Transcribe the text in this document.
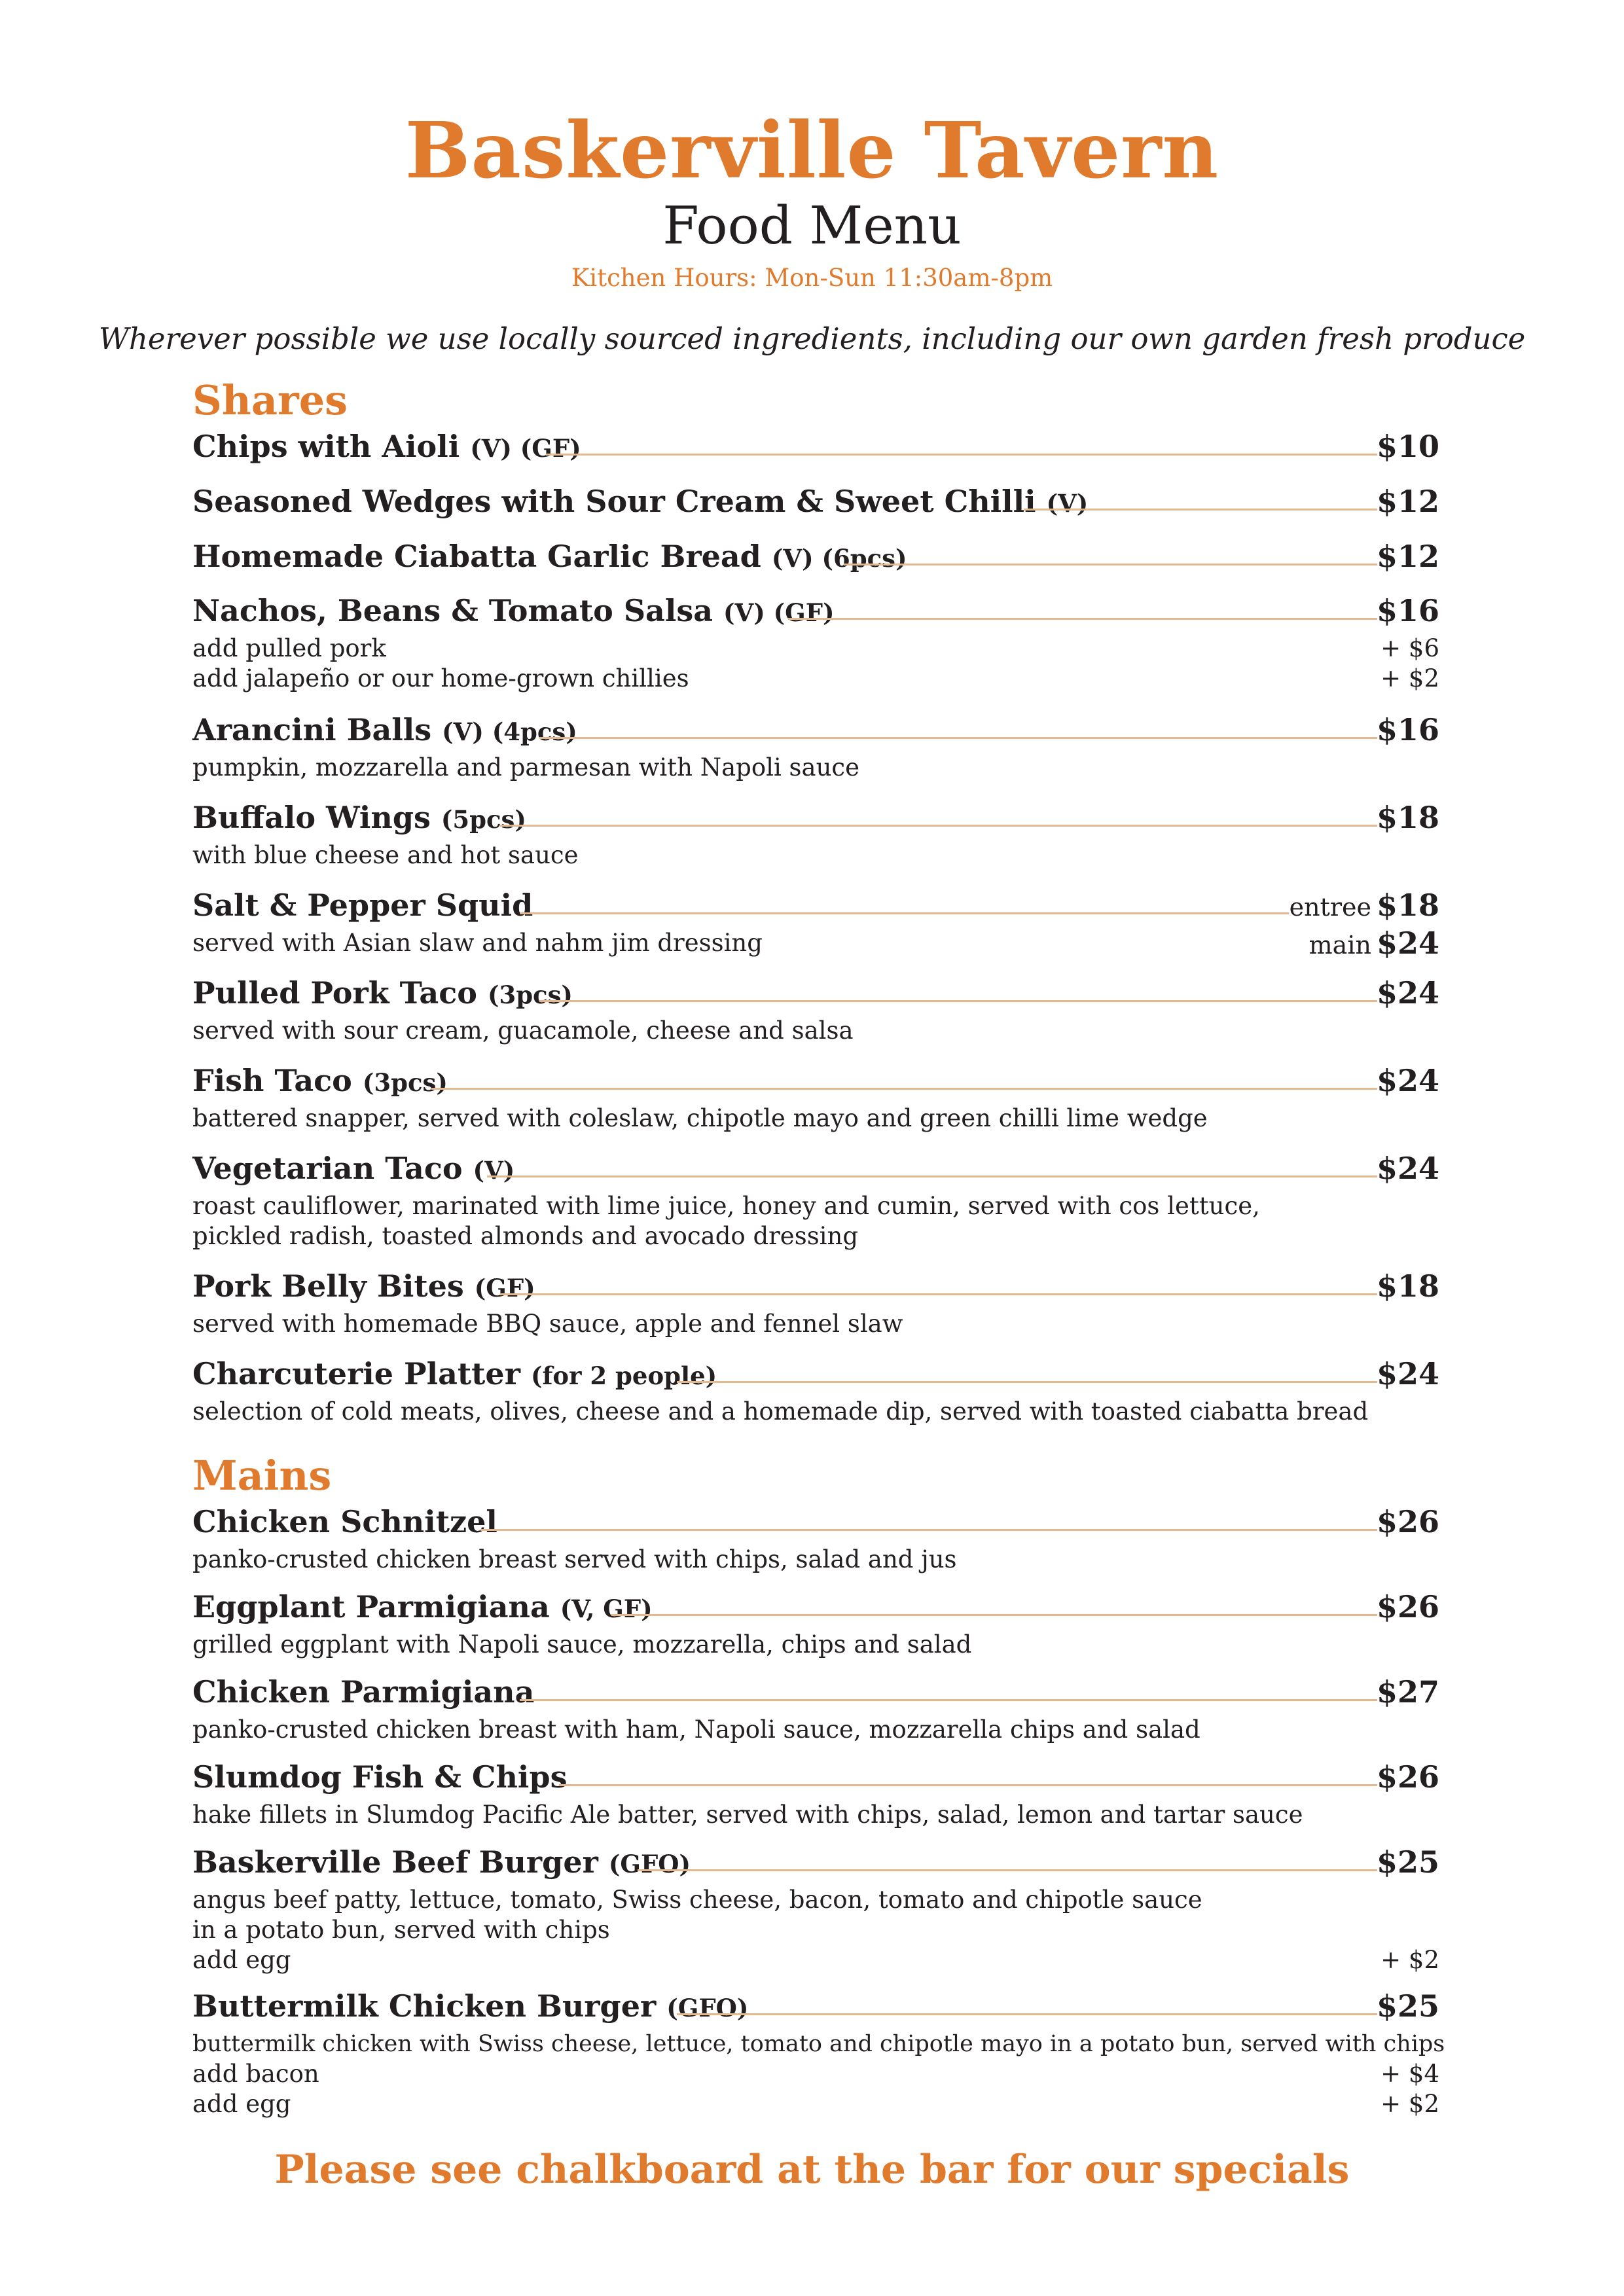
Baskerville Tavern
Food Menu
Kitchen Hours: Mon-Sun 11:30am-8pm
Wherever possible we use locally sourced ingredients, including our own garden fresh produce
Shares
Chips with Aioli (V) (GF)	$10
Seasoned Wedges with Sour Cream & Sweet Chilli (V)	$12
Homemade Ciabatta Garlic Bread (V) (6pcs)	$12
Nachos, Beans & Tomato Salsa (V) (GF)	$16
add pulled pork	+ $6
add jalapeño or our home-grown chillies	+ $2
Arancini Balls (V) (4pcs)	$16
pumpkin, mozzarella and parmesan with Napoli sauce
Buffalo Wings (5pcs)	$18
with blue cheese and hot sauce
Salt & Pepper Squid	entree $18
served with Asian slaw and nahm jim dressing	main $24
Pulled Pork Taco (3pcs)	$24
served with sour cream, guacamole, cheese and salsa
Fish Taco (3pcs)	$24
battered snapper, served with coleslaw, chipotle mayo and green chilli lime wedge
Vegetarian Taco (V)	$24
roast cauliflower, marinated with lime juice, honey and cumin, served with cos lettuce,
pickled radish, toasted almonds and avocado dressing
Pork Belly Bites (GF)	$18
served with homemade BBQ sauce, apple and fennel slaw
Charcuterie Platter (for 2 people)	$24
selection of cold meats, olives, cheese and a homemade dip, served with toasted ciabatta bread
Mains
Chicken Schnitzel	$26
panko-crusted chicken breast served with chips, salad and jus
Eggplant Parmigiana (V, GF)	$26
grilled eggplant with Napoli sauce, mozzarella, chips and salad
Chicken Parmigiana	$27
panko-crusted chicken breast with ham, Napoli sauce, mozzarella chips and salad
Slumdog Fish & Chips	$26
hake fillets in Slumdog Pacific Ale batter, served with chips, salad, lemon and tartar sauce
Baskerville Beef Burger (GFO)	$25
angus beef patty, lettuce, tomato, Swiss cheese, bacon, tomato and chipotle sauce
in a potato bun, served with chips
add egg	+ $2
Buttermilk Chicken Burger (GFO)	$25
buttermilk chicken with Swiss cheese, lettuce, tomato and chipotle mayo in a potato bun, served with chips
add bacon	+ $4
add egg	+ $2
Please see chalkboard at the bar for our specials
